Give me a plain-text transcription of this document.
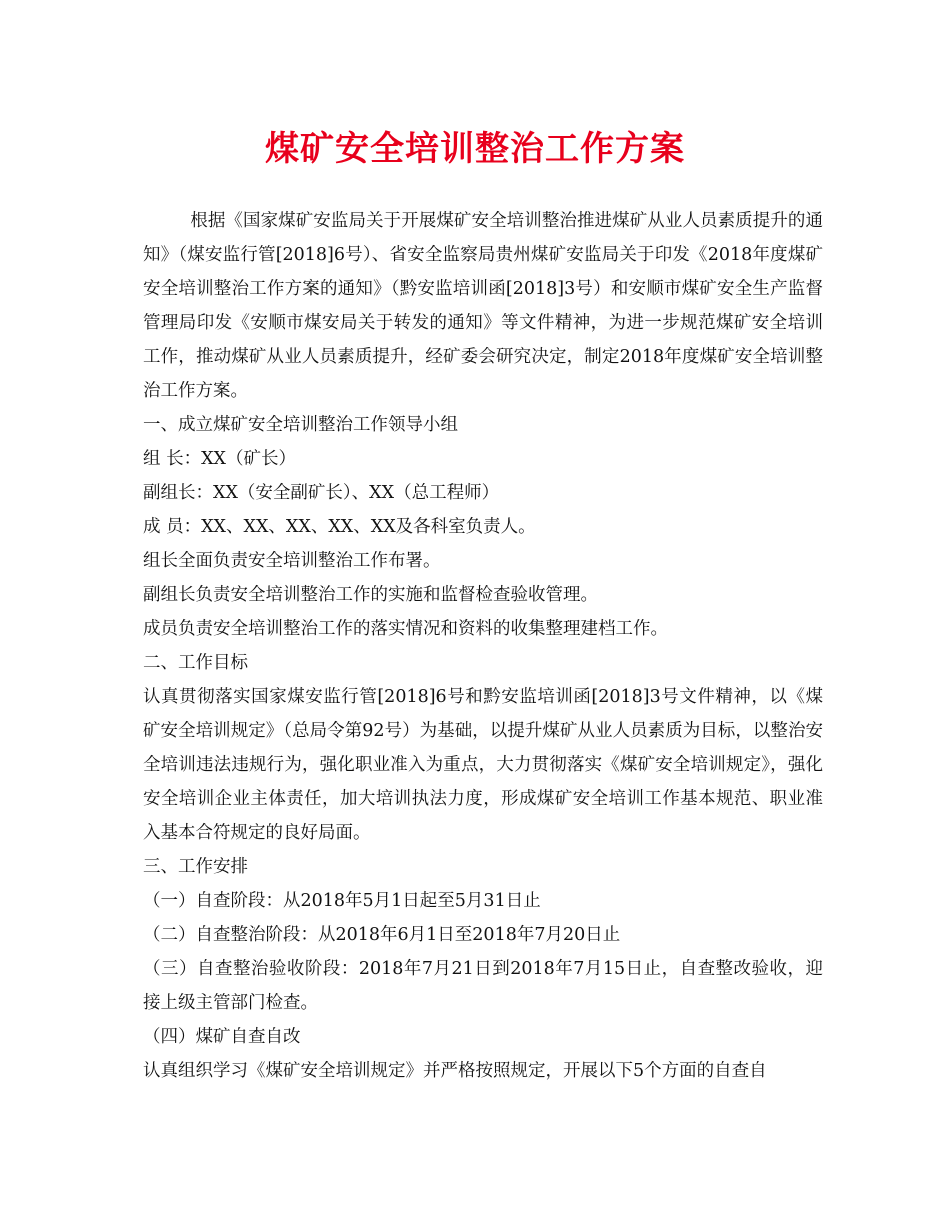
煤矿安全培训整治工作方案

根据《国家煤矿安监局关于开展煤矿安全培训整治推进煤矿从业人员素质提升的通知》（煤安监行管[2018]6号）、省安全监察局贵州煤矿安监局关于印发《2018年度煤矿安全培训整治工作方案的通知》（黔安监培训函[2018]3号）和安顺市煤矿安全生产监督管理局印发《安顺市煤安局关于转发的通知》等文件精神，为进一步规范煤矿安全培训工作，推动煤矿从业人员素质提升，经矿委会研究决定，制定2018年度煤矿安全培训整治工作方案。

一、成立煤矿安全培训整治工作领导小组

组 长：XX（矿长）

副组长：XX（安全副矿长）、XX（总工程师）

成 员：XX、XX、XX、XX、XX及各科室负责人。

组长全面负责安全培训整治工作布署。

副组长负责安全培训整治工作的实施和监督检查验收管理。

成员负责安全培训整治工作的落实情况和资料的收集整理建档工作。

二、工作目标

认真贯彻落实国家煤安监行管[2018]6号和黔安监培训函[2018]3号文件精神，以《煤矿安全培训规定》（总局令第92号）为基础，以提升煤矿从业人员素质为目标，以整治安全培训违法违规行为，强化职业准入为重点，大力贯彻落实《煤矿安全培训规定》，强化安全培训企业主体责任，加大培训执法力度，形成煤矿安全培训工作基本规范、职业准入基本合符规定的良好局面。

三、工作安排

（一）自查阶段：从2018年5月1日起至5月31日止

（二）自查整治阶段：从2018年6月1日至2018年7月20日止

（三）自查整治验收阶段：2018年7月21日到2018年7月15日止，自查整改验收，迎接上级主管部门检查。

（四）煤矿自查自改

认真组织学习《煤矿安全培训规定》并严格按照规定，开展以下5个方面的自查自
